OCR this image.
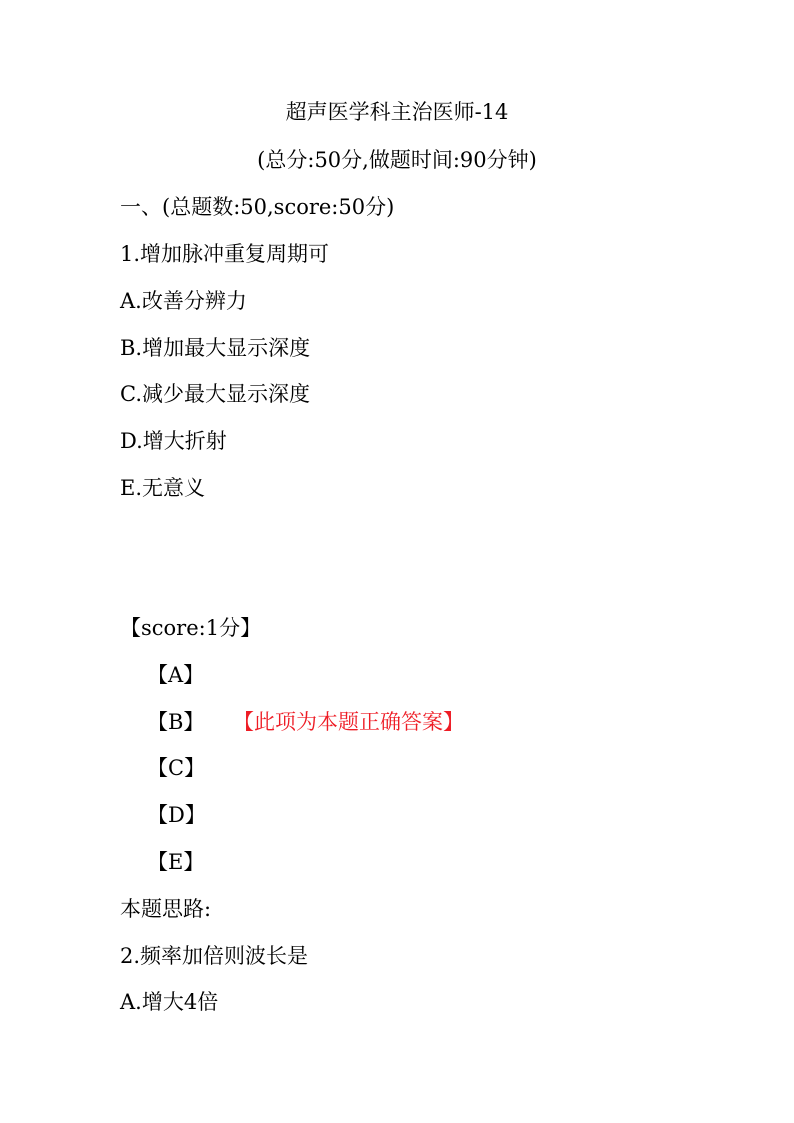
超声医学科主治医师-14
(总分:50分,做题时间:90分钟)
一、(总题数:50,score:50分)
1.增加脉冲重复周期可
A.改善分辨力
B.增加最大显示深度
C.减少最大显示深度
D.增大折射
E.无意义
【score:1分】
【A】
【B】 【此项为本题正确答案】
【C】
【D】
【E】
本题思路:
2.频率加倍则波长是
A.增大4倍
